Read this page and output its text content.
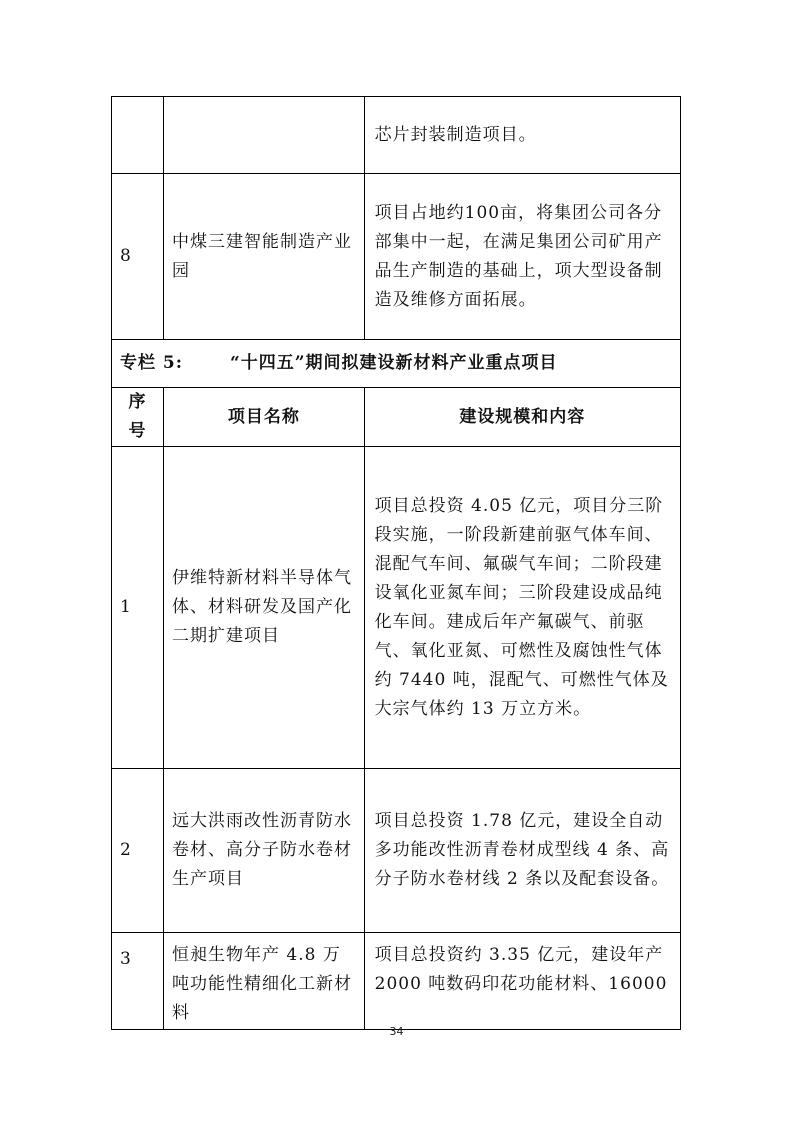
		芯片封装制造项目。
8	中煤三建智能制造产业园	项目占地约100亩，将集团公司各分部集中一起，在满足集团公司矿用产品生产制造的基础上，项大型设备制造及维修方面拓展。
专栏 5: “十四五”期间拟建设新材料产业重点项目		
序号	项目名称	建设规模和内容
1	伊维特新材料半导体气体、材料研发及国产化二期扩建项目	项目总投资 4.05 亿元，项目分三阶段实施，一阶段新建前驱气体车间、混配气车间、氟碳气车间；二阶段建设氧化亚氮车间；三阶段建设成品纯化车间。建成后年产氟碳气、前驱气、氧化亚氮、可燃性及腐蚀性气体约 7440 吨，混配气、可燃性气体及大宗气体约 13 万立方米。
2	远大洪雨改性沥青防水卷材、高分子防水卷材生产项目	项目总投资 1.78 亿元，建设全自动多功能改性沥青卷材成型线 4 条、高分子防水卷材线 2 条以及配套设备。
3	恒昶生物年产 4.8 万吨功能性精细化工新材料	项目总投资约 3.35 亿元，建设年产 2000 吨数码印花功能材料、16000
34
